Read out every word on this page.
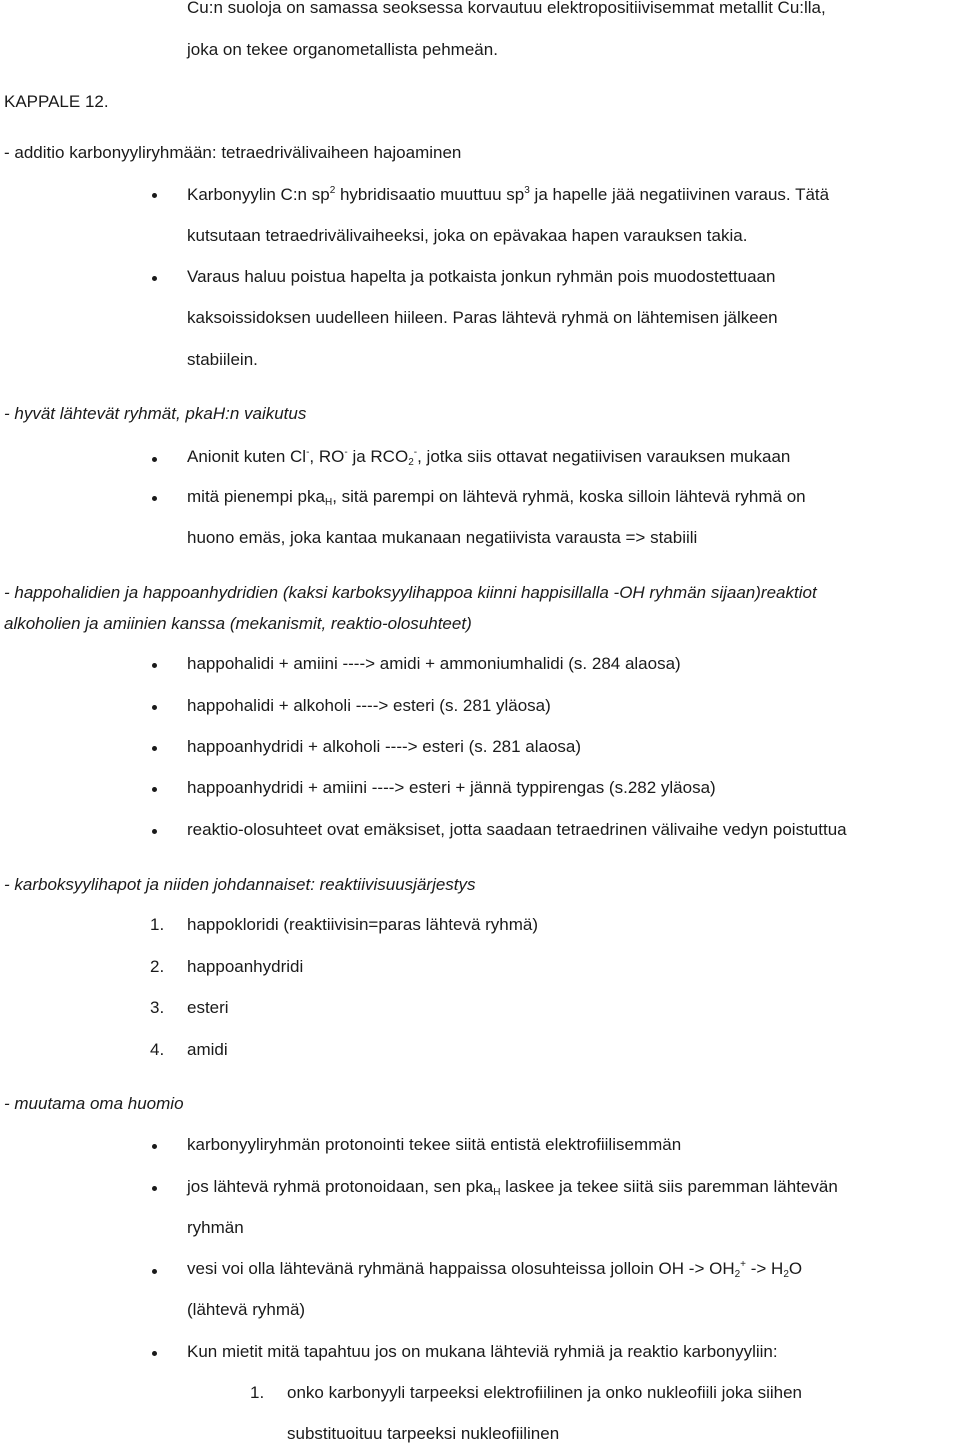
Cu:n suoloja on samassa seoksessa korvautuu elektropositiivisemmat metallit Cu:lla,
joka on tekee organometallista pehmeän.
KAPPALE 12.
- additio karbonyyliryhmään: tetraedrivälivaiheen hajoaminen
Karbonyylin C:n $sp^2$ hybridisaatio muuttuu $sp^3$ ja hapelle jää negatiivinen varaus. Tätä
kutsutaan tetraedrivälivaiheeksi, joka on epävakaa hapen varauksen takia.
Varaus haluu poistua hapelta ja potkaista jonkun ryhmän pois muodostettuaan
kaksoissidoksen uudelleen hiileen. Paras lähtevä ryhmä on lähtemisen jälkeen
stabiilein.
- hyvät lähtevät ryhmät, pkaH:n vaikutus
Anionit kuten Cl-, RO- ja $RCO_2^-$, jotka siis ottavat negatiivisen varauksen mukaan
mitä pienempi pka$_H$, sitä parempi on lähtevä ryhmä, koska silloin lähtevä ryhmä on
huono emäs, joka kantaa mukanaan negatiivista varausta => stabiili
- happohalidien ja happoanhydridien (kaksi karboksyylihappoa kiinni happisillalla -OH ryhmän sijaan)reaktiot
alkoholien ja amiinien kanssa (mekanismit, reaktio-olosuhteet)
happohalidi + amiini ----> amidi + ammoniumhalidi (s. 284 alaosa)
happohalidi + alkoholi ----> esteri (s. 281 yläosa)
happoanhydridi + alkoholi ----> esteri (s. 281 alaosa)
happoanhydridi + amiini ----> esteri + jännä typpirengas (s.282 yläosa)
reaktio-olosuhteet ovat emäksiset, jotta saadaan tetraedrinen välivaihe vedyn poistuttua
- karboksyylihapot ja niiden johdannaiset: reaktiivisuusjärjestys
1. happokloridi (reaktiivisin=paras lähtevä ryhmä)
2. happoanhydridi
3. esteri
4. amidi
- muutama oma huomio
karbonyyliryhmän protonointi tekee siitä entistä elektrofiilisemmän
jos lähtevä ryhmä protonoidaan, sen pka$_H$ laskee ja tekee siitä siis paremman lähtevän
ryhmän
vesi voi olla lähtevänä ryhmänä happaissa olosuhteissa jolloin OH -> $OH_2^+ -> H_2O$
(lähtevä ryhmä)
Kun mietit mitä tapahtuu jos on mukana lähteviä ryhmiä ja reaktio karbonyyliin:
1. onko karbonyyli tarpeeksi elektrofiilinen ja onko nukleofiili joka siihen
substituoituu tarpeeksi nukleofiilinen
